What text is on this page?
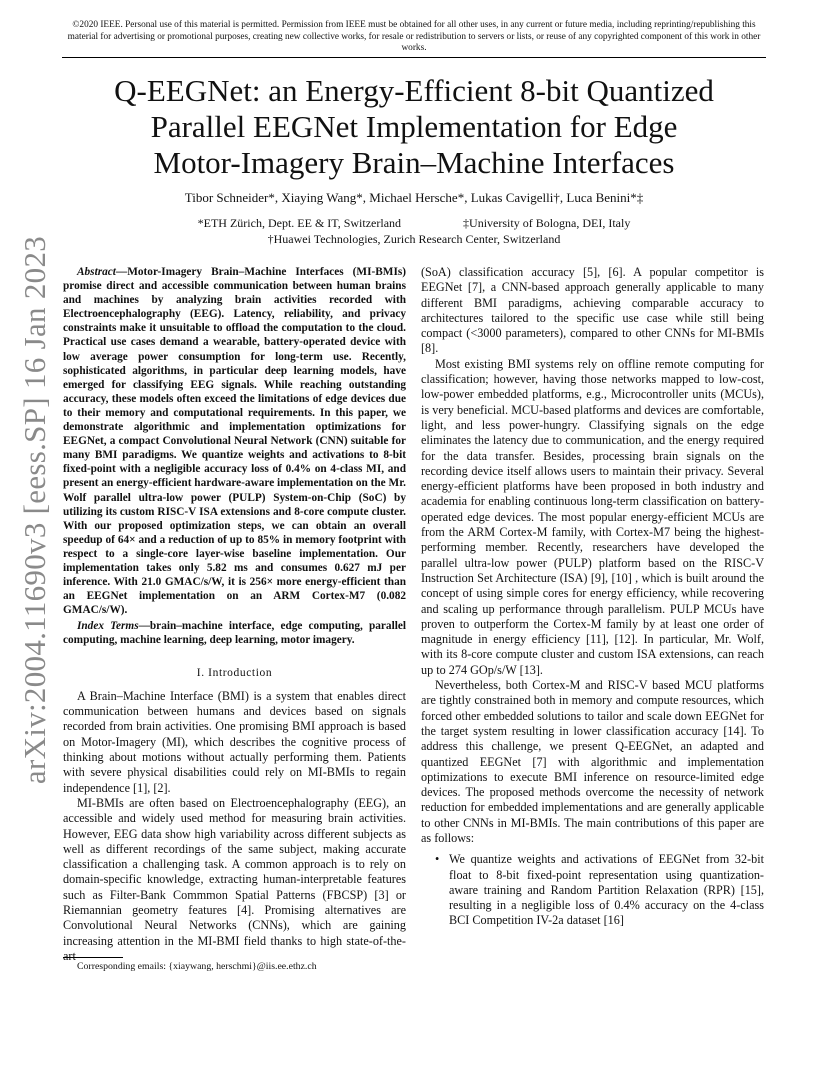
©2020 IEEE. Personal use of this material is permitted. Permission from IEEE must be obtained for all other uses, in any current or future media, including reprinting/republishing this material for advertising or promotional purposes, creating new collective works, for resale or redistribution to servers or lists, or reuse of any copyrighted component of this work in other works.
Q-EEGNet: an Energy-Efficient 8-bit Quantized
Parallel EEGNet Implementation for Edge
Motor-Imagery Brain–Machine Interfaces
Tibor Schneider*, Xiaying Wang*, Michael Hersche*, Lukas Cavigelli†, Luca Benini*‡
*ETH Zürich, Dept. EE & IT, Switzerland	‡University of Bologna, DEI, Italy
†Huawei Technologies, Zurich Research Center, Switzerland
arXiv:2004.11690v3 [eess.SP] 16 Jan 2023	Abstract—Motor-Imagery Brain–Machine Interfaces (MI-BMIs) promise direct and accessible communication between human brains and machines by analyzing brain activities recorded with Electroencephalography (EEG). Latency, reliability, and privacy constraints make it unsuitable to offload the computation to the cloud. Practical use cases demand a wearable, battery-operated device with low average power consumption for long-term use. Recently, sophisticated algorithms, in particular deep learning models, have emerged for classifying EEG signals. While reaching outstanding accuracy, these models often exceed the limitations of edge devices due to their memory and computational requirements. In this paper, we demonstrate algorithmic and implementation optimizations for EEGNet, a compact Convolutional Neural Network (CNN) suitable for many BMI paradigms. We quantize weights and activations to 8-bit fixed-point with a negligible accuracy loss of 0.4% on 4-class MI, and present an energy-efficient hardware-aware implementation on the Mr. Wolf parallel ultra-low power (PULP) System-on-Chip (SoC) by utilizing its custom RISC-V ISA extensions and 8-core compute cluster. With our proposed optimization steps, we can obtain an overall speedup of 64× and a reduction of up to 85% in memory footprint with respect to a single-core layer-wise baseline implementation. Our implementation takes only 5.82 ms and consumes 0.627 mJ per inference. With 21.0 GMAC/s/W, it is 256× more energy-efficient than an EEGNet implementation on an ARM Cortex-M7 (0.082 GMAC/s/W).

Index Terms—brain–machine interface, edge computing, parallel computing, machine learning, deep learning, motor imagery.

I. Introduction

A Brain–Machine Interface (BMI) is a system that enables direct communication between humans and devices based on signals recorded from brain activities. One promising BMI approach is based on Motor-Imagery (MI), which describes the cognitive process of thinking about motions without actually performing them. Patients with severe physical disabilities could rely on MI-BMIs to regain independence [1], [2].

MI-BMIs are often based on Electroencephalography (EEG), an accessible and widely used method for measuring brain activities. However, EEG data show high variability across different subjects as well as different recordings of the same subject, making accurate classification a challenging task. A common approach is to rely on domain-specific knowledge, extracting human-interpretable features such as Filter-Bank Commmon Spatial Patterns (FBCSP) [3] or Riemannian geometry features [4]. Promising alternatives are Convolutional Neural Networks (CNNs), which are gaining increasing attention in the MI-BMI field thanks to high state-of-the-art

Corresponding emails: {xiaywang, herschmi}@iis.ee.ethz.ch

(SoA) classification accuracy [5], [6]. A popular competitor is EEGNet [7], a CNN-based approach generally applicable to many different BMI paradigms, achieving comparable accuracy to architectures tailored to the specific use case while still being compact (<3000 parameters), compared to other CNNs for MI-BMIs [8].

Most existing BMI systems rely on offline remote computing for classification; however, having those networks mapped to low-cost, low-power embedded platforms, e.g., Microcontroller units (MCUs), is very beneficial. MCU-based platforms and devices are comfortable, light, and less power-hungry. Classifying signals on the edge eliminates the latency due to communication, and the energy required for the data transfer. Besides, processing brain signals on the recording device itself allows users to maintain their privacy. Several energy-efficient platforms have been proposed in both industry and academia for enabling continuous long-term classification on battery-operated edge devices. The most popular energy-efficient MCUs are from the ARM Cortex-M family, with Cortex-M7 being the highest-performing member. Recently, researchers have developed the parallel ultra-low power (PULP) platform based on the RISC-V Instruction Set Architecture (ISA) [9], [10] , which is built around the concept of using simple cores for energy efficiency, while recovering and scaling up performance through parallelism. PULP MCUs have proven to outperform the Cortex-M family by at least one order of magnitude in energy efficiency [11], [12]. In particular, Mr. Wolf, with its 8-core compute cluster and custom ISA extensions, can reach up to 274 GOp/s/W [13].

Nevertheless, both Cortex-M and RISC-V based MCU platforms are tightly constrained both in memory and compute resources, which forced other embedded solutions to tailor and scale down EEGNet for the target system resulting in lower classification accuracy [14]. To address this challenge, we present Q-EEGNet, an adapted and quantized EEGNet [7] with algorithmic and implementation optimizations to execute BMI inference on resource-limited edge devices. The proposed methods overcome the necessity of network reduction for embedded implementations and are generally applicable to other CNNs in MI-BMIs. The main contributions of this paper are as follows:

• We quantize weights and activations of EEGNet from 32-bit float to 8-bit fixed-point representation using quantization-aware training and Random Partition Relaxation (RPR) [15], resulting in a negligible loss of 0.4% accuracy on the 4-class BCI Competition IV-2a dataset [16]
